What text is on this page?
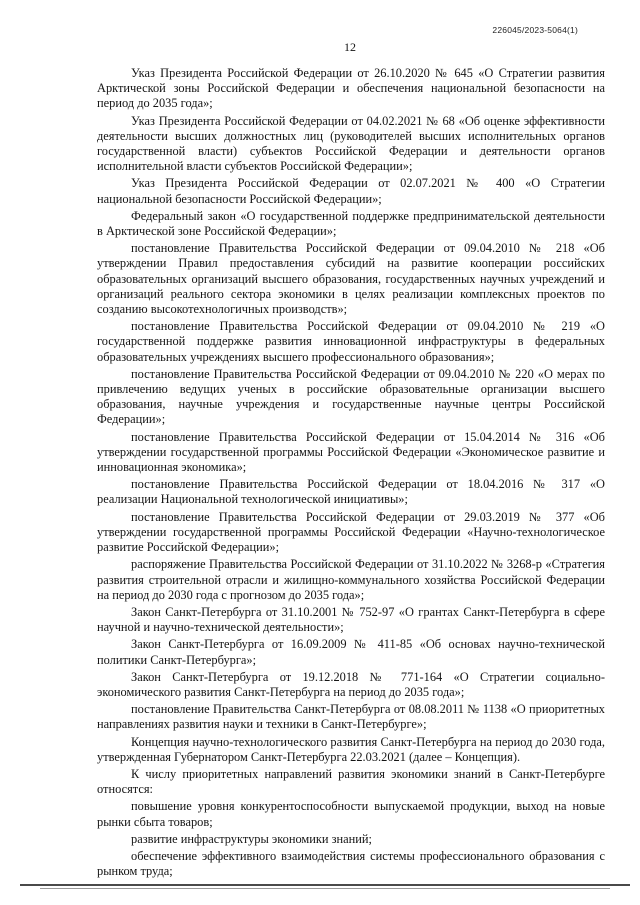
226045/2023-5064(1)
12

Указ Президента Российской Федерации от 26.10.2020 № 645 «О Стратегии развития Арктической зоны Российской Федерации и обеспечения национальной безопасности на период до 2035 года»;

Указ Президента Российской Федерации от 04.02.2021 № 68 «Об оценке эффективности деятельности высших должностных лиц (руководителей высших исполнительных органов государственной власти) субъектов Российской Федерации и деятельности органов исполнительной власти субъектов Российской Федерации»;

Указ Президента Российской Федерации от 02.07.2021 № 400 «О Стратегии национальной безопасности Российской Федерации»;

Федеральный закон «О государственной поддержке предпринимательской деятельности в Арктической зоне Российской Федерации»;

постановление Правительства Российской Федерации от 09.04.2010 № 218 «Об утверждении Правил предоставления субсидий на развитие кооперации российских образовательных организаций высшего образования, государственных научных учреждений и организаций реального сектора экономики в целях реализации комплексных проектов по созданию высокотехнологичных производств»;

постановление Правительства Российской Федерации от 09.04.2010 № 219 «О государственной поддержке развития инновационной инфраструктуры в федеральных образовательных учреждениях высшего профессионального образования»;

постановление Правительства Российской Федерации от 09.04.2010 № 220 «О мерах по привлечению ведущих ученых в российские образовательные организации высшего образования, научные учреждения и государственные научные центры Российской Федерации»;

постановление Правительства Российской Федерации от 15.04.2014 № 316 «Об утверждении государственной программы Российской Федерации «Экономическое развитие и инновационная экономика»;

постановление Правительства Российской Федерации от 18.04.2016 № 317 «О реализации Национальной технологической инициативы»;

постановление Правительства Российской Федерации от 29.03.2019 № 377 «Об утверждении государственной программы Российской Федерации «Научно-технологическое развитие Российской Федерации»;

распоряжение Правительства Российской Федерации от 31.10.2022 № 3268-р «Стратегия развития строительной отрасли и жилищно-коммунального хозяйства Российской Федерации на период до 2030 года с прогнозом до 2035 года»;

Закон Санкт-Петербурга от 31.10.2001 № 752-97 «О грантах Санкт-Петербурга в сфере научной и научно-технической деятельности»;

Закон Санкт-Петербурга от 16.09.2009 № 411-85 «Об основах научно-технической политики Санкт-Петербурга»;

Закон Санкт-Петербурга от 19.12.2018 № 771-164 «О Стратегии социально-экономического развития Санкт-Петербурга на период до 2035 года»;

постановление Правительства Санкт-Петербурга от 08.08.2011 № 1138 «О приоритетных направлениях развития науки и техники в Санкт-Петербурге»;

Концепция научно-технологического развития Санкт-Петербурга на период до 2030 года, утвержденная Губернатором Санкт-Петербурга 22.03.2021 (далее – Концепция).

К числу приоритетных направлений развития экономики знаний в Санкт-Петербурге относятся:

повышение уровня конкурентоспособности выпускаемой продукции, выход на новые рынки сбыта товаров;

развитие инфраструктуры экономики знаний;

обеспечение эффективного взаимодействия системы профессионального образования с рынком труда;
